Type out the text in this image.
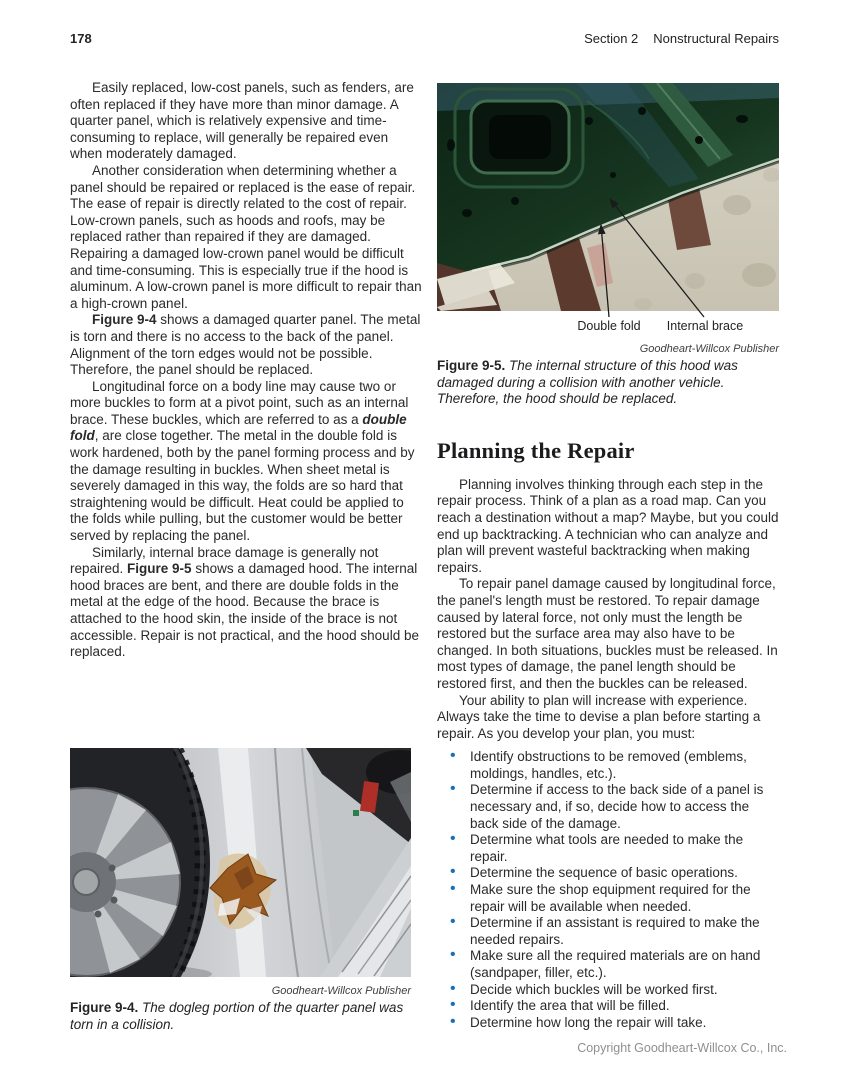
178	Section 2 Nonstructural Repairs

Easily replaced, low-cost panels, such as fenders, are often replaced if they have more than minor damage. A quarter panel, which is relatively expensive and time-consuming to replace, will generally be repaired even when moderately damaged.

Another consideration when determining whether a panel should be repaired or replaced is the ease of repair. The ease of repair is directly related to the cost of repair. Low-crown panels, such as hoods and roofs, may be replaced rather than repaired if they are damaged. Repairing a damaged low-crown panel would be difficult and time-consuming. This is especially true if the hood is aluminum. A low-crown panel is more difficult to repair than a high-crown panel.

Figure 9-4 shows a damaged quarter panel. The metal is torn and there is no access to the back of the panel. Alignment of the torn edges would not be possible. Therefore, the panel should be replaced.

Longitudinal force on a body line may cause two or more buckles to form at a pivot point, such as an internal brace. These buckles, which are referred to as a double fold, are close together. The metal in the double fold is work hardened, both by the panel forming process and by the damage resulting in buckles. When sheet metal is severely damaged in this way, the folds are so hard that straightening would be difficult. Heat could be applied to the folds while pulling, but the customer would be better served by replacing the panel.

Similarly, internal brace damage is generally not repaired. Figure 9-5 shows a damaged hood. The internal hood braces are bent, and there are double folds in the metal at the edge of the hood. Because the brace is attached to the hood skin, the inside of the brace is not accessible. Repair is not practical, and the hood should be replaced.

Double fold Internal brace
Goodheart-Willcox Publisher

Figure 9-5. The internal structure of this hood was damaged during a collision with another vehicle. Therefore, the hood should be replaced.

Planning the Repair

Planning involves thinking through each step in the repair process. Think of a plan as a road map. Can you reach a destination without a map? Maybe, but you could end up backtracking. A technician who can analyze and plan will prevent wasteful backtracking when making repairs.

To repair panel damage caused by longitudinal force, the panel's length must be restored. To repair damage caused by lateral force, not only must the length be restored but the surface area may also have to be changed. In both situations, buckles must be released. In most types of damage, the panel length should be restored first, and then the buckles can be released.

Your ability to plan will increase with experience. Always take the time to devise a plan before starting a repair. As you develop your plan, you must:

• Identify obstructions to be removed (emblems, moldings, handles, etc.).
• Determine if access to the back side of a panel is necessary and, if so, decide how to access the back side of the damage.
• Determine what tools are needed to make the repair.
• Determine the sequence of basic operations.
• Make sure the shop equipment required for the repair will be available when needed.
• Determine if an assistant is required to make the needed repairs.
• Make sure all the required materials are on hand (sandpaper, filler, etc.).
• Decide which buckles will be worked first.
• Identify the area that will be filled.
• Determine how long the repair will take.
Goodheart-Willcox Publisher

Figure 9-4. The dogleg portion of the quarter panel was torn in a collision.

Copyright Goodheart-Willcox Co., Inc.
